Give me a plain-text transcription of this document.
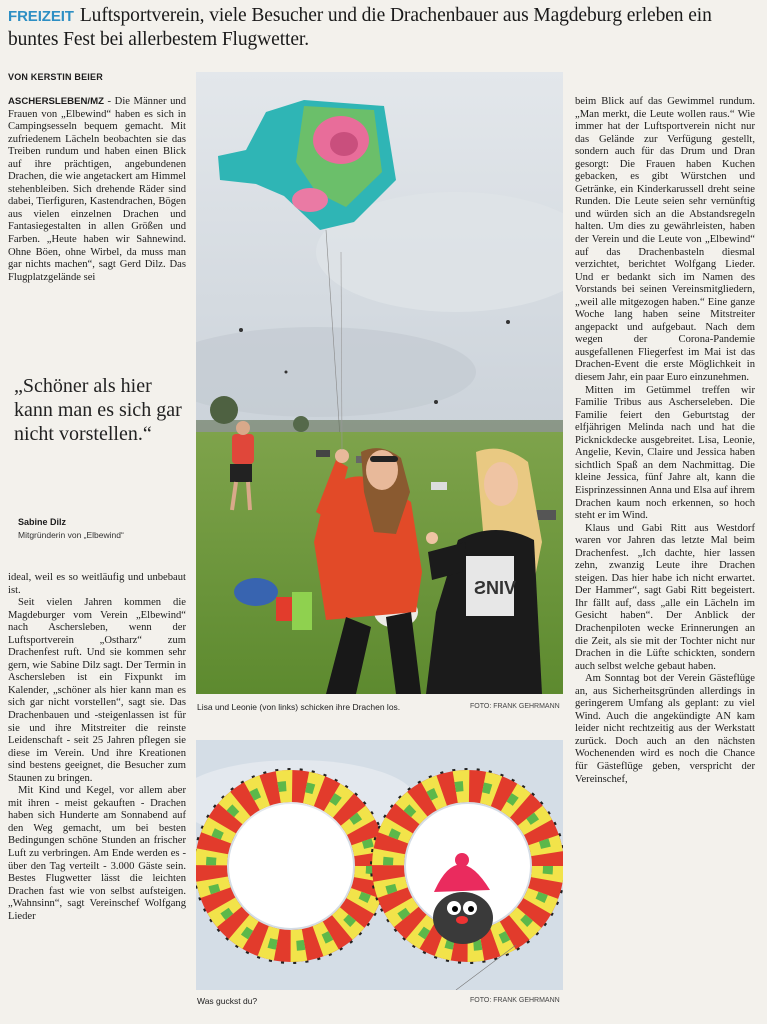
FREIZEIT Luftsportverein, viele Besucher und die Drachenbauer aus Magdeburg erleben ein buntes Fest bei allerbestem Flugwetter.
VON KERSTIN BEIER

ASCHERSLEBEN/MZ - Die Männer und Frauen von „Elbewind“ haben es sich in Campingsesseln bequem gemacht. Mit zufriedenem Lächeln beobachten sie das Treiben rundum und haben einen Blick auf ihre prächtigen, angebundenen Drachen, die wie angetackert am Himmel stehenbleiben. Sich drehende Räder sind dabei, Tierfiguren, Kastendrachen, Bögen aus vielen einzelnen Drachen und Fantasiegestalten in allen Größen und Farben. „Heute haben wir Sahnewind. Ohne Böen, ohne Wirbel, da muss man gar nichts machen“, sagt Gerd Dilz. Das Flugplatzgelände sei

„Schöner als hier kann man es sich gar nicht vorstellen.“
Sabine Dilz
Mitgründerin von „Elbewind“

ideal, weil es so weitläufig und unbebaut ist.

Seit vielen Jahren kommen die Magdeburger vom Verein „Elbewind“ nach Aschersleben, wenn der Luftsportverein „Ostharz“ zum Drachenfest ruft. Und sie kommen sehr gern, wie Sabine Dilz sagt. Der Termin in Aschersleben ist ein Fixpunkt im Kalender, „schöner als hier kann man es sich gar nicht vorstellen“, sagt sie. Das Drachenbauen und -steigenlassen ist für sie und ihre Mitstreiter die reinste Leidenschaft - seit 25 Jahren pflegen sie diese im Verein. Und ihre Kreationen sind bestens geeignet, die Besucher zum Staunen zu bringen.

Mit Kind und Kegel, vor allem aber mit ihren - meist gekauften - Drachen haben sich Hunderte am Sonnabend auf den Weg gemacht, um bei besten Bedingungen schöne Stunden an frischer Luft zu verbringen. Am Ende werden es - über den Tag verteilt - 3.000 Gäste sein. Bestes Flugwetter lässt die leichten Drachen fast wie von selbst aufsteigen. „Wahnsinn“, sagt Vereinschef Wolfgang Lieder

beim Blick auf das Gewimmel rundum. „Man merkt, die Leute wollen raus.“ Wie immer hat der Luftsportverein nicht nur das Gelände zur Verfügung gestellt, sondern auch für das Drum und Dran gesorgt: Die Frauen haben Kuchen gebacken, es gibt Würstchen und Getränke, ein Kinderkarussell dreht seine Runden. Die Leute seien sehr vernünftig und würden sich an die Abstandsregeln halten. Um dies zu gewährleisten, haben der Verein und die Leute von „Elbewind“ auf das Drachenbasteln diesmal verzichtet, berichtet Wolfgang Lieder. Und er bedankt sich im Namen des Vorstands bei seinen Vereinsmitgliedern, „weil alle mitgezogen haben.“ Eine ganze Woche lang haben seine Mitstreiter angepackt und aufgebaut. Nach dem wegen der Corona-Pandemie ausgefallenen Fliegerfest im Mai ist das Drachen-Event die erste Möglichkeit in diesem Jahr, ein paar Euro einzunehmen.

Mitten im Getümmel treffen wir Familie Tribus aus Ascherseleben. Die Familie feiert den Geburtstag der elfjährigen Melinda nach und hat die Picknickdecke ausgebreitet. Lisa, Leonie, Angelie, Kevin, Claire und Jessica haben sichtlich Spaß an dem Nachmittag. Die kleine Jessica, fünf Jahre alt, kann die Eisprinzessinnen Anna und Elsa auf ihrem Drachen kaum noch erkennen, so hoch steht er im Wind.

Klaus und Gabi Ritt aus Westdorf waren vor Jahren das letzte Mal beim Drachenfest. „Ich dachte, hier lassen zehn, zwanzig Leute ihre Drachen steigen. Das hier habe ich nicht erwartet. Der Hammer“, sagt Gabi Ritt begeistert. Ihr fällt auf, dass „alle ein Lächeln im Gesicht haben“. Der Anblick der Drachenpiloten wecke Erinnerungen an die Zeit, als sie mit der Tochter nicht nur Drachen in die Lüfte schickten, sondern auch selbst welche gebaut haben.

Am Sonntag bot der Verein Gästeflüge an, aus Sicherheitsgründen allerdings in geringerem Umfang als geplant: zu viel Wind. Auch die angekündigte AN kam leider nicht rechtzeitig aus der Werkstatt zurück. Doch auch an den nächsten Wochenenden wird es noch die Chance für Gästeflüge geben, verspricht der Vereinschef,

ƧNIV
Lisa und Leonie (von links) schicken ihre Drachen los.	FOTO: FRANK GEHRMANN
Was guckst du?	FOTO: FRANK GEHRMANN
